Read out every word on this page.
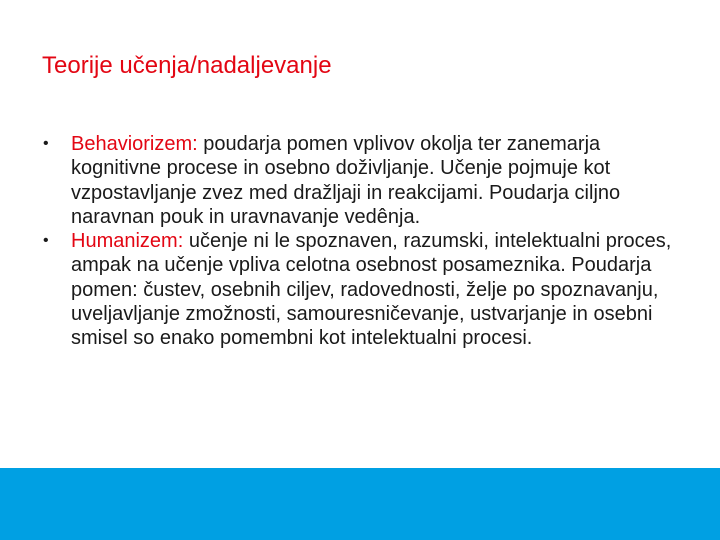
Teorije učenja/nadaljevanje
• Behaviorizem: poudarja pomen vplivov okolja ter zanemarja kognitivne procese in osebno doživljanje. Učenje pojmuje kot vzpostavljanje zvez med dražljaji in reakcijami. Poudarja ciljno naravnan pouk in uravnavanje vedênja.
• Humanizem: učenje ni le spoznaven, razumski, intelektualni proces, ampak na učenje vpliva celotna osebnost posameznika. Poudarja pomen: čustev, osebnih ciljev, radovednosti, želje po spoznavanju, uveljavljanje zmožnosti, samouresničevanje, ustvarjanje in osebni smisel so enako pomembni kot intelektualni procesi.
